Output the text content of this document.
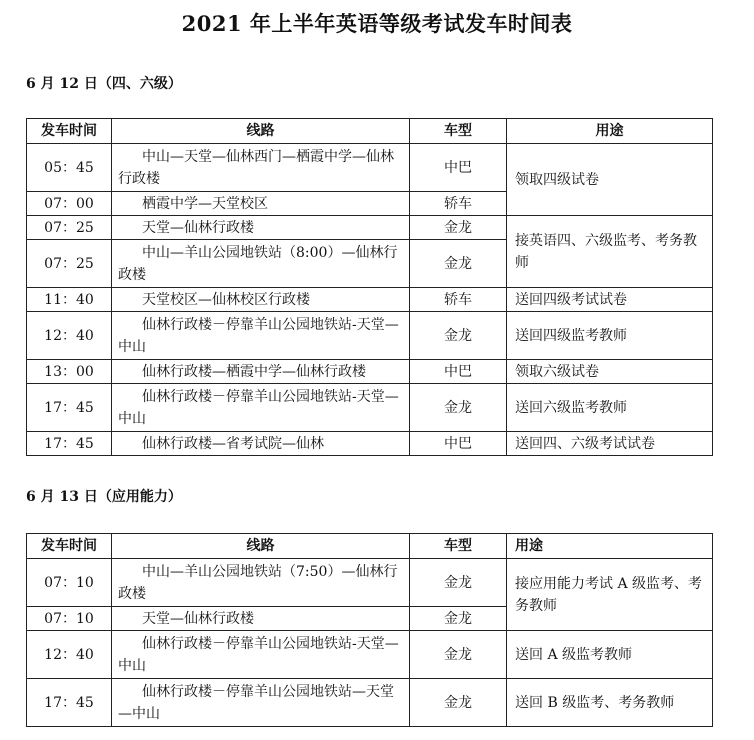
2021 年上半年英语等级考试发车时间表
6 月 12 日（四、六级）
发车时间	线路	车型	用途
05：45	中山—天堂—仙林西门—栖霞中学—仙林行政楼	中巴	领取四级试卷
07：00	栖霞中学—天堂校区	轿车	
07：25	天堂—仙林行政楼	金龙	接英语四、六级监考、考务教师
07：25	中山—羊山公园地铁站（8:00）—仙林行政楼	金龙	
11：40	天堂校区—仙林校区行政楼	轿车	送回四级考试试卷
12：40	仙林行政楼－停靠羊山公园地铁站-天堂—中山	金龙	送回四级监考教师
13：00	仙林行政楼—栖霞中学—仙林行政楼	中巴	领取六级试卷
17：45	仙林行政楼－停靠羊山公园地铁站-天堂—中山	金龙	送回六级监考教师
17：45	仙林行政楼—省考试院—仙林	中巴	送回四、六级考试试卷
6 月 13 日（应用能力）
发车时间	线路	车型	用途
07：10	中山—羊山公园地铁站（7:50）—仙林行政楼	金龙	接应用能力考试 A 级监考、考务教师
07：10	天堂—仙林行政楼	金龙	
12：40	仙林行政楼－停靠羊山公园地铁站-天堂—中山	金龙	送回 A 级监考教师
17：45	仙林行政楼－停靠羊山公园地铁站—天堂—中山	金龙	送回 B 级监考、考务教师
